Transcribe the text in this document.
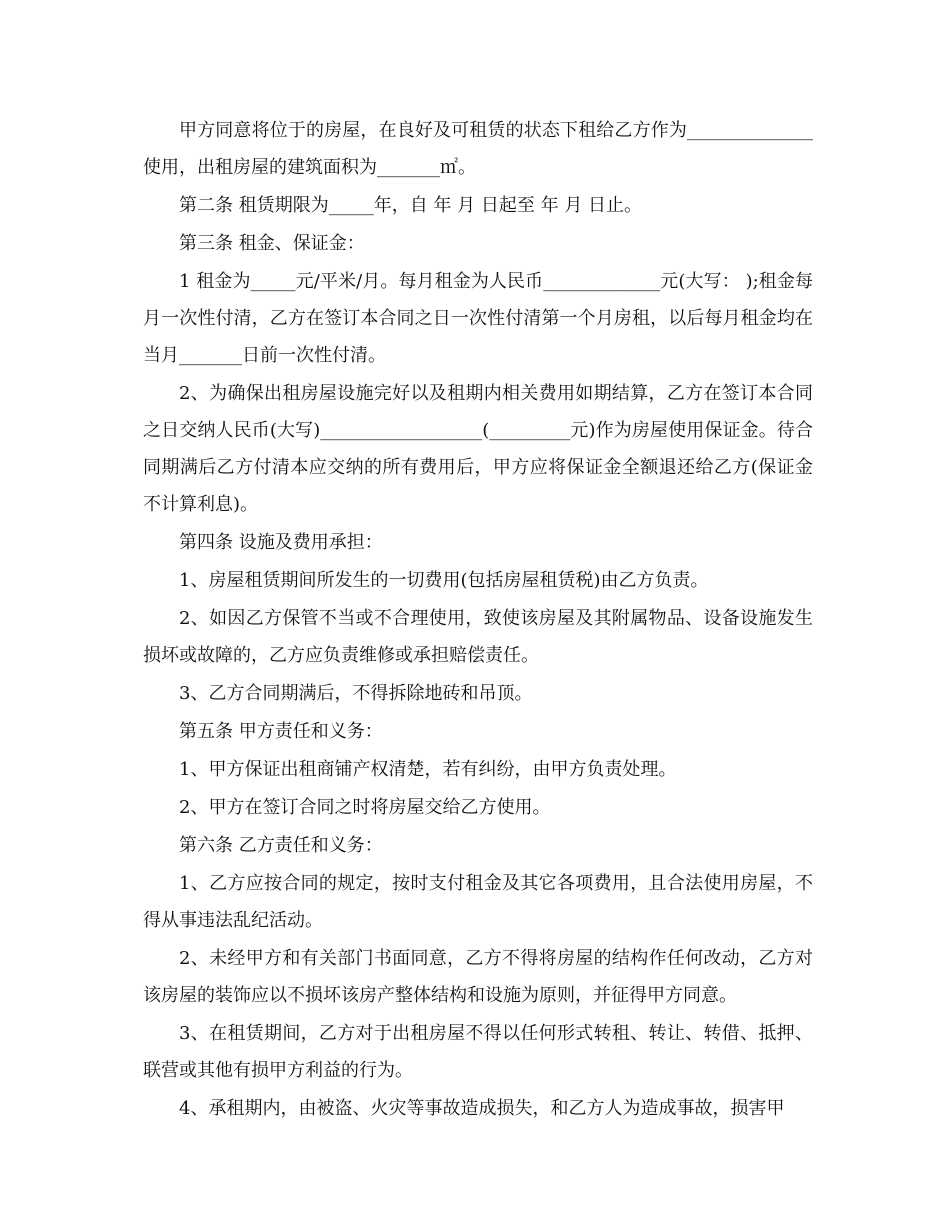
甲方同意将位于的房屋，在良好及可租赁的状态下租给乙方作为______________使用，出租房屋的建筑面积为_______㎡。

第二条 租赁期限为_____年，自 年 月 日起至 年 月 日止。

第三条 租金、保证金：

1 租金为_____元/平米/月。每月租金为人民币_____________元(大写： );租金每月一次性付清，乙方在签订本合同之日一次性付清第一个月房租，以后每月租金均在当月_______日前一次性付清。

2、为确保出租房屋设施完好以及租期内相关费用如期结算，乙方在签订本合同之日交纳人民币(大写)__________________(_________元)作为房屋使用保证金。待合同期满后乙方付清本应交纳的所有费用后，甲方应将保证金全额退还给乙方(保证金不计算利息)。

第四条 设施及费用承担：

1、房屋租赁期间所发生的一切费用(包括房屋租赁税)由乙方负责。

2、如因乙方保管不当或不合理使用，致使该房屋及其附属物品、设备设施发生损坏或故障的，乙方应负责维修或承担赔偿责任。

3、乙方合同期满后，不得拆除地砖和吊顶。

第五条 甲方责任和义务：

1、甲方保证出租商铺产权清楚，若有纠纷，由甲方负责处理。

2、甲方在签订合同之时将房屋交给乙方使用。

第六条 乙方责任和义务：

1、乙方应按合同的规定，按时支付租金及其它各项费用，且合法使用房屋，不得从事违法乱纪活动。

2、未经甲方和有关部门书面同意，乙方不得将房屋的结构作任何改动，乙方对该房屋的装饰应以不损坏该房产整体结构和设施为原则，并征得甲方同意。

3、在租赁期间，乙方对于出租房屋不得以任何形式转租、转让、转借、抵押、联营或其他有损甲方利益的行为。

4、承租期内，由被盗、火灾等事故造成损失，和乙方人为造成事故，损害甲
